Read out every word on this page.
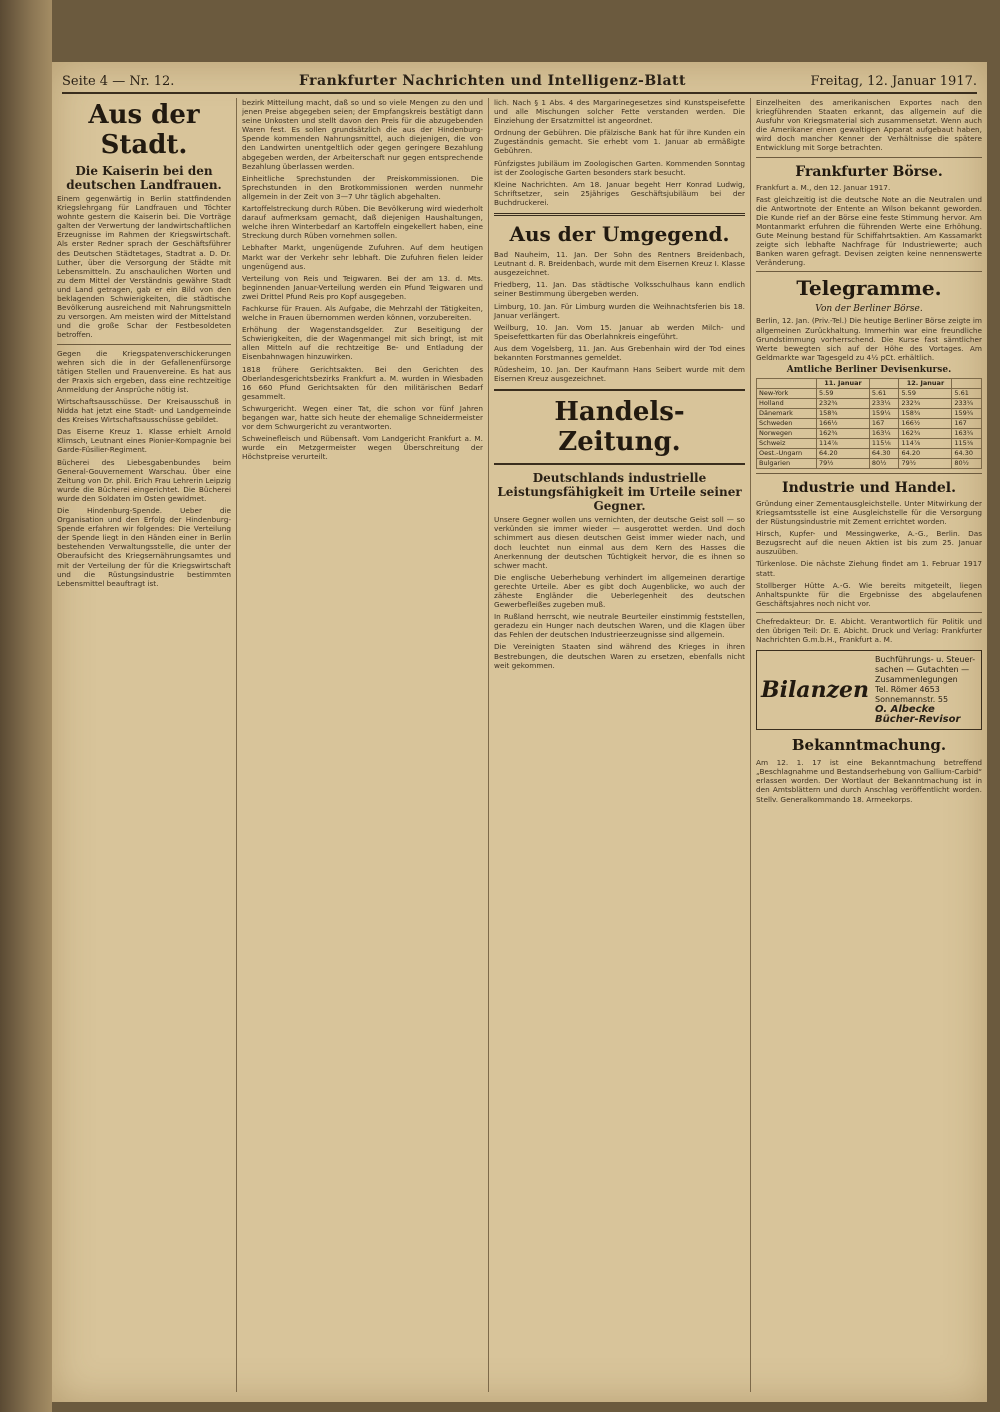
Seite 4 — Nr. 12.	Frankfurter Nachrichten und Intelligenz-Blatt	Freitag, 12. Januar 1917.
Aus der Stadt.
Die Kaiserin bei den deutschen Landfrauen.

Einem gegenwärtig in Berlin stattfindenden Kriegslehrgang für Landfrauen und Töchter wohnte gestern die Kaiserin bei. Die Vorträge galten der Verwertung der landwirtschaftlichen Erzeugnisse im Rahmen der Kriegswirtschaft. Als erster Redner sprach der Geschäftsführer des Deutschen Städtetages, Stadtrat a. D. Dr. Luther, über die Versorgung der Städte mit Lebensmitteln. Zu anschaulichen Worten und zu dem Mittel der Verständnis gewähre Stadt und Land getragen, gab er ein Bild von den beklagenden Schwierigkeiten, die städtische Bevölkerung ausreichend mit Nahrungsmitteln zu versorgen. Am meisten wird der Mittelstand und die große Schar der Festbesoldeten betroffen.

Gegen die Kriegspatenverschickerungen wehren sich die in der Gefallenenfürsorge tätigen Stellen und Frauenvereine. Es hat aus der Praxis sich ergeben, dass eine rechtzeitige Anmeldung der Ansprüche nötig ist.

Wirtschaftsausschüsse. Der Kreisausschuß in Nidda hat jetzt eine Stadt- und Landgemeinde des Kreises Wirtschaftsausschüsse gebildet.

Das Eiserne Kreuz 1. Klasse erhielt Arnold Klimsch, Leutnant eines Pionier-Kompagnie bei Garde-Füsilier-Regiment.

Bücherei des Liebesgabenbundes beim General-Gouvernement Warschau. Über eine Zeitung von Dr. phil. Erich Frau Lehrerin Leipzig wurde die Bücherei eingerichtet. Die Bücherei wurde den Soldaten im Osten gewidmet.

Die Hindenburg-Spende. Ueber die Organisation und den Erfolg der Hindenburg-Spende erfahren wir folgendes: Die Verteilung der Spende liegt in den Händen einer in Berlin bestehenden Verwaltungsstelle, die unter der Oberaufsicht des Kriegsernährungsamtes und mit der Verteilung der für die Kriegswirtschaft und die Rüstungsindustrie bestimmten Lebensmittel beauftragt ist.

bezirk Mitteilung macht, daß so und so viele Mengen zu den und jenen Preise abgegeben seien; der Empfangskreis bestätigt dann seine Unkosten und stellt davon den Preis für die abzugebenden Waren fest. Es sollen grundsätzlich die aus der Hindenburg-Spende kommenden Nahrungsmittel, auch diejenigen, die von den Landwirten unentgeltlich oder gegen geringere Bezahlung abgegeben werden, der Arbeiterschaft nur gegen entsprechende Bezahlung überlassen werden.

Einheitliche Sprechstunden der Preiskommissionen. Die Sprechstunden in den Brotkommissionen werden nunmehr allgemein in der Zeit von 3—7 Uhr täglich abgehalten.

Kartoffelstreckung durch Rüben. Die Bevölkerung wird wiederholt darauf aufmerksam gemacht, daß diejenigen Haushaltungen, welche ihren Winterbedarf an Kartoffeln eingekellert haben, eine Streckung durch Rüben vornehmen sollen.

Lebhafter Markt, ungenügende Zufuhren. Auf dem heutigen Markt war der Verkehr sehr lebhaft. Die Zufuhren fielen leider ungenügend aus.

Verteilung von Reis und Teigwaren. Bei der am 13. d. Mts. beginnenden Januar-Verteilung werden ein Pfund Teigwaren und zwei Drittel Pfund Reis pro Kopf ausgegeben.

Fachkurse für Frauen. Als Aufgabe, die Mehrzahl der Tätigkeiten, welche in Frauen übernommen werden können, vorzubereiten.

Erhöhung der Wagenstandsgelder. Zur Beseitigung der Schwierigkeiten, die der Wagenmangel mit sich bringt, ist mit allen Mitteln auf die rechtzeitige Be- und Entladung der Eisenbahnwagen hinzuwirken.

1818 frühere Gerichtsakten. Bei den Gerichten des Oberlandesgerichtsbezirks Frankfurt a. M. wurden in Wiesbaden 16 660 Pfund Gerichtsakten für den militärischen Bedarf gesammelt.

Schwurgericht. Wegen einer Tat, die schon vor fünf Jahren begangen war, hatte sich heute der ehemalige Schneidermeister vor dem Schwurgericht zu verantworten.

Schweinefleisch und Rübensaft. Vom Landgericht Frankfurt a. M. wurde ein Metzgermeister wegen Überschreitung der Höchstpreise verurteilt.

lich. Nach § 1 Abs. 4 des Margarinegesetzes sind Kunstspeisefette und alle Mischungen solcher Fette verstanden werden. Die Einziehung der Ersatzmittel ist angeordnet.

Ordnung der Gebühren. Die pfälzische Bank hat für ihre Kunden ein Zugeständnis gemacht. Sie erhebt vom 1. Januar ab ermäßigte Gebühren.

Fünfzigstes Jubiläum im Zoologischen Garten. Kommenden Sonntag ist der Zoologische Garten besonders stark besucht.

Kleine Nachrichten. Am 18. Januar begeht Herr Konrad Ludwig, Schriftsetzer, sein 25jähriges Geschäftsjubiläum bei der Buchdruckerei.

Aus der Umgegend.

Bad Nauheim, 11. Jan. Der Sohn des Rentners Breidenbach, Leutnant d. R. Breidenbach, wurde mit dem Eisernen Kreuz I. Klasse ausgezeichnet.

Friedberg, 11. Jan. Das städtische Volksschulhaus kann endlich seiner Bestimmung übergeben werden.

Limburg, 10. Jan. Für Limburg wurden die Weihnachtsferien bis 18. Januar verlängert.

Weilburg, 10. Jan. Vom 15. Januar ab werden Milch- und Speisefettkarten für das Oberlahnkreis eingeführt.

Aus dem Vogelsberg, 11. Jan. Aus Grebenhain wird der Tod eines bekannten Forstmannes gemeldet.

Rüdesheim, 10. Jan. Der Kaufmann Hans Seibert wurde mit dem Eisernen Kreuz ausgezeichnet.

Handels-Zeitung.
Deutschlands industrielle Leistungsfähigkeit im Urteile seiner Gegner.

Unsere Gegner wollen uns vernichten, der deutsche Geist soll — so verkünden sie immer wieder — ausgerottet werden. Und doch schimmert aus diesen deutschen Geist immer wieder nach, und doch leuchtet nun einmal aus dem Kern des Hasses die Anerkennung der deutschen Tüchtigkeit hervor, die es ihnen so schwer macht.

Die englische Ueberhebung verhindert im allgemeinen derartige gerechte Urteile. Aber es gibt doch Augenblicke, wo auch der zäheste Engländer die Ueberlegenheit des deutschen Gewerbefleißes zugeben muß.

In Rußland herrscht, wie neutrale Beurteiler einstimmig feststellen, geradezu ein Hunger nach deutschen Waren, und die Klagen über das Fehlen der deutschen Industrieerzeugnisse sind allgemein.

Die Vereinigten Staaten sind während des Krieges in ihren Bestrebungen, die deutschen Waren zu ersetzen, ebenfalls nicht weit gekommen.

Einzelheiten des amerikanischen Exportes nach den kriegführenden Staaten erkannt, das allgemein auf die Ausfuhr von Kriegsmaterial sich zusammensetzt. Wenn auch die Amerikaner einen gewaltigen Apparat aufgebaut haben, wird doch mancher Kenner der Verhältnisse die spätere Entwicklung mit Sorge betrachten.

Frankfurter Börse.

Frankfurt a. M., den 12. Januar 1917.

Fast gleichzeitig ist die deutsche Note an die Neutralen und die Antwortnote der Entente an Wilson bekannt geworden. Die Kunde rief an der Börse eine feste Stimmung hervor. Am Montanmarkt erfuhren die führenden Werte eine Erhöhung. Gute Meinung bestand für Schiffahrtsaktien. Am Kassamarkt zeigte sich lebhafte Nachfrage für Industriewerte; auch Banken waren gefragt. Devisen zeigten keine nennenswerte Veränderung.

Telegramme.
Von der Berliner Börse.

Berlin, 12. Jan. (Priv.-Tel.) Die heutige Berliner Börse zeigte im allgemeinen Zurückhaltung. Immerhin war eine freundliche Grundstimmung vorherrschend. Die Kurse fast sämtlicher Werte bewegten sich auf der Höhe des Vortages. Am Geldmarkte war Tagesgeld zu 4½ pCt. erhältlich.

Amtliche Berliner Devisenkurse.
	11. Januar		12. Januar	
New-York	5.59	5.61	5.59	5.61
Holland	232¾	233¼	232¾	233¼
Dänemark	158¾	159¼	158¾	159¼
Schweden	166½	167	166½	167
Norwegen	162¾	163¼	162¾	163¼
Schweiz	114⅞	115⅛	114⅞	115⅛
Oest.-Ungarn	64.20	64.30	64.20	64.30
Bulgarien	79½	80½	79½	80½
Industrie und Handel.

Gründung einer Zementausgleichstelle. Unter Mitwirkung der Kriegsamtsstelle ist eine Ausgleichstelle für die Versorgung der Rüstungsindustrie mit Zement errichtet worden.

Hirsch, Kupfer- und Messingwerke, A.-G., Berlin. Das Bezugsrecht auf die neuen Aktien ist bis zum 25. Januar auszuüben.

Türkenlose. Die nächste Ziehung findet am 1. Februar 1917 statt.

Stollberger Hütte A.-G. Wie bereits mitgeteilt, liegen Anhaltspunkte für die Ergebnisse des abgelaufenen Geschäftsjahres noch nicht vor.

Chefredakteur: Dr. E. Abicht. Verantwortlich für Politik und den übrigen Teil: Dr. E. Abicht. Druck und Verlag: Frankfurter Nachrichten G.m.b.H., Frankfurt a. M.

Bilanzen
Buchführungs- u. Steuer-
sachen — Gutachten —
Zusammenlegungen
Tel. Römer 4653
Sonnemannstr. 55
O. Albecke Bücher-Revisor
Bekanntmachung.

Am 12. 1. 17 ist eine Bekanntmachung betreffend „Beschlagnahme und Bestandserhebung von Gallium-Carbid“ erlassen worden. Der Wortlaut der Bekanntmachung ist in den Amtsblättern und durch Anschlag veröffentlicht worden. Stellv. Generalkommando 18. Armeekorps.
